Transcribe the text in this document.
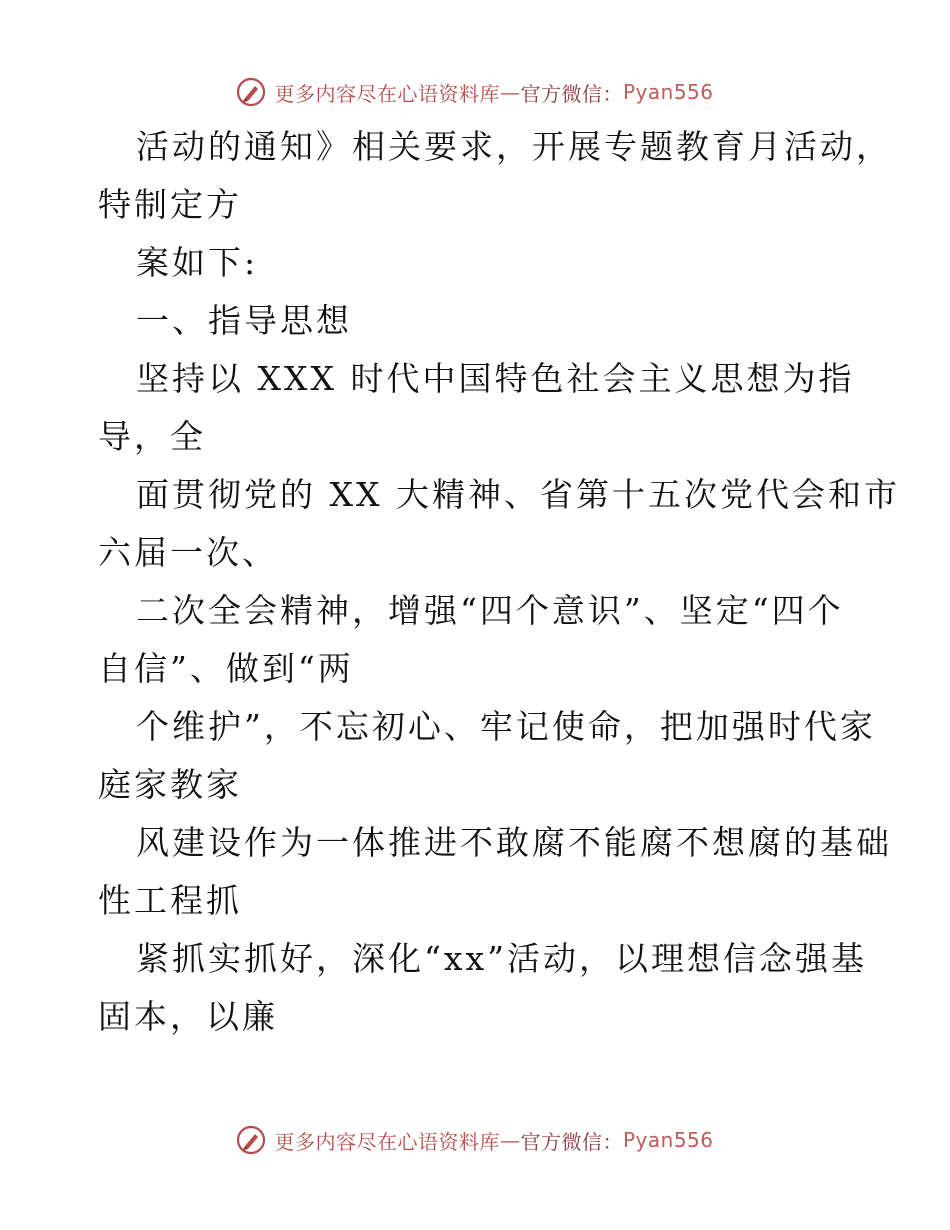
更多内容尽在心语资料库 — 官方微信： Pyan556
活动的通知》相关要求，开展专题教育月活动，
特制定方
案如下:
一、指导思想
坚持以 XXX 时代中国特色社会主义思想为指
导，全
面贯彻党的 XX 大精神、省第十五次党代会和市
六届一次、
二次全会精神，增强“四个意识”、坚定“四个
自信”、做到“两
个维护”，不忘初心、牢记使命，把加强时代家
庭家教家
风建设作为一体推进不敢腐不能腐不想腐的基础
性工程抓
紧抓实抓好，深化“xx”活动，以理想信念强基
固本，以廉
更多内容尽在心语资料库 — 官方微信： Pyan556
